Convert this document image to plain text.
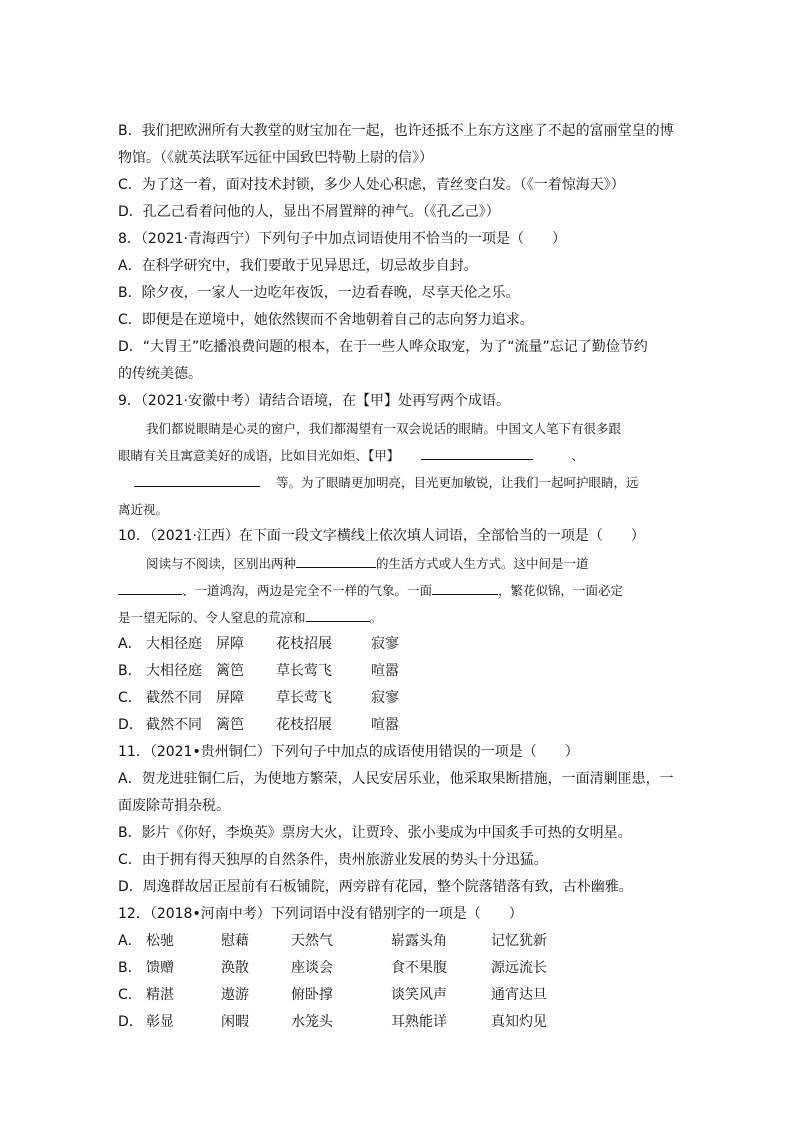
B．我们把欧洲所有大教堂的财宝加在一起，也许还抵不上东方这座了不起的富丽堂皇的博
物馆。（《就英法联军远征中国致巴特勒上尉的信》）
C．为了这一着，面对技术封锁，多少人处心积虑，青丝变白发。（《一着惊海天》）
D．孔乙己看着问他的人，显出不屑置辩的神气。（《孔乙己》）
8．（2021·青海西宁）下列句子中加点词语使用不恰当的一项是（　　）
A．在科学研究中，我们要敢于见异思迁，切忌故步自封。
B．除夕夜，一家人一边吃年夜饭，一边看春晚，尽享天伦之乐。
C．即便是在逆境中，她依然锲而不舍地朝着自己的志向努力追求。
D．“大胃王”吃播浪费问题的根本，在于一些人哗众取宠，为了“流量”忘记了勤俭节约
的传统美德。
9．（2021·安徽中考）请结合语境，在【甲】处再写两个成语。
我们都说眼睛是心灵的窗户，我们都渴望有一双会说话的眼睛。中国文人笔下有很多跟
眼睛有关且寓意美好的成语，比如目光如炬、【甲】	、
等。为了眼睛更加明亮，目光更加敏锐，让我们一起呵护眼睛，远
离近视。
10．（2021·江西）在下面一段文字横线上依次填人词语，全部恰当的一项是（　　）
阅读与不阅读，区别出两种	的生活方式或人生方式。这中间是一道
、一道鸿沟，两边是完全不一样的气象。一面	，繁花似锦，一面必定
是一望无际的、令人窒息的荒凉和	。
A． 大相径庭	屏障	花枝招展	寂寥
B． 大相径庭	篱笆	草长莺飞	喧嚣
C． 截然不同	屏障	草长莺飞	寂寥
D． 截然不同	篱笆	花枝招展	喧嚣
11．（2021•贵州铜仁）下列句子中加点的成语使用错误的一项是（　　）
A．贺龙进驻铜仁后，为使地方繁荣，人民安居乐业，他采取果断措施，一面清剿匪患，一
面废除苛捐杂税。
B．影片《你好，李焕英》票房大火，让贾玲、张小斐成为中国炙手可热的女明星。
C．由于拥有得天独厚的自然条件，贵州旅游业发展的势头十分迅猛。
D．周逸群故居正屋前有石板铺院，两旁辟有花园，整个院落错落有致，古朴幽雅。
12．（2018•河南中考）下列词语中没有错别字的一项是（　　）
A． 松驰	慰藉	天然气	崭露头角	记忆犹新
B． 馈赠	涣散	座谈会	食不果腹	源远流长
C． 精湛	遨游	俯卧撑	谈笑风声	通宵达旦
D． 彰显	闲暇	水笼头	耳熟能详	真知灼见
